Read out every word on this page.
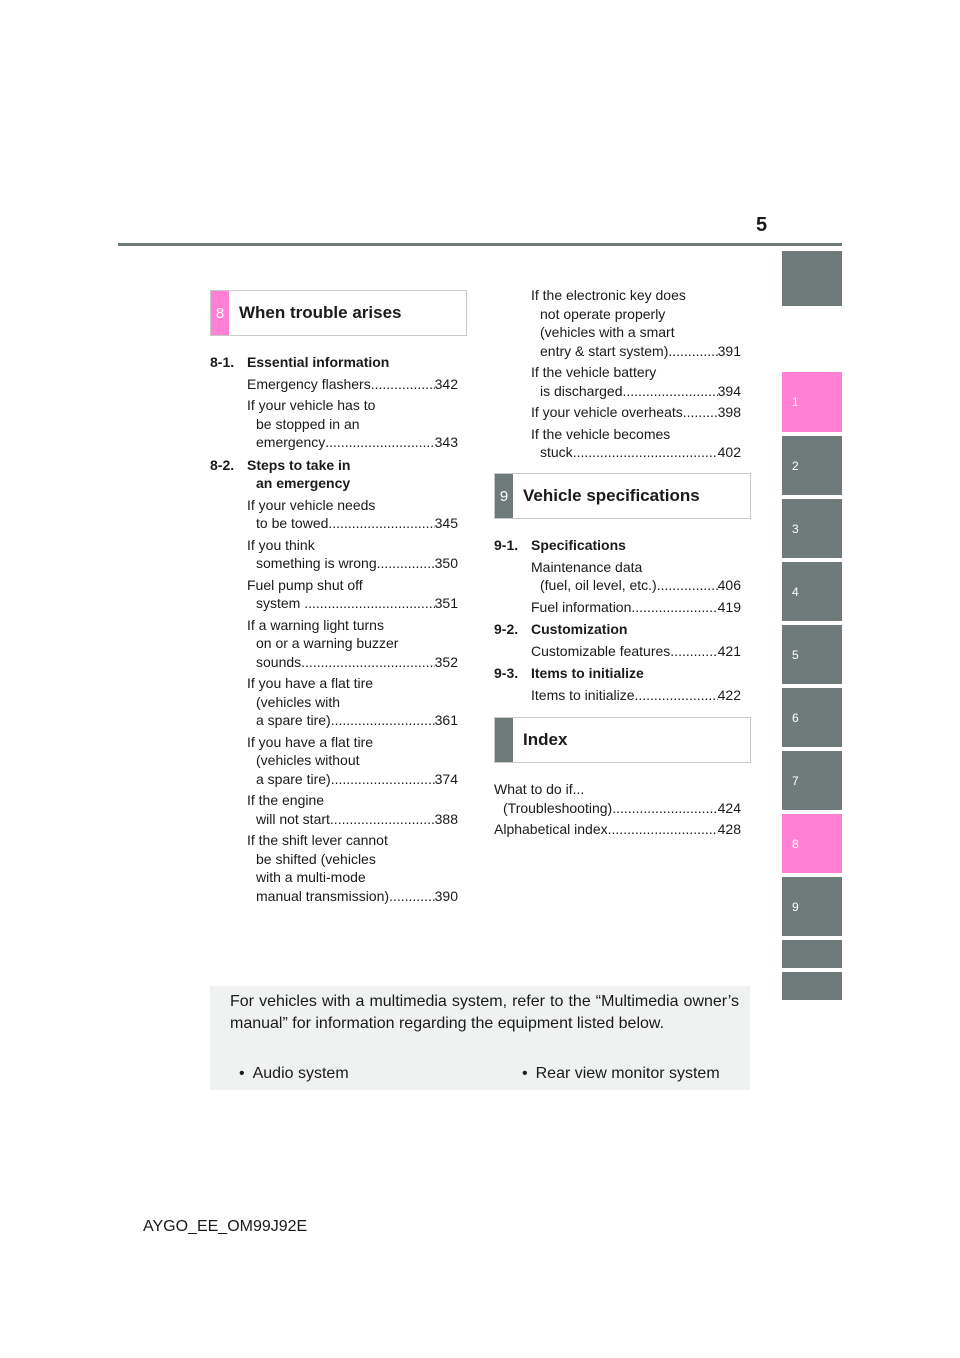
5
1
2
3
4
5
6
7
8
9
8 When trouble arises
8-1. Essential information
Emergency flashers .....	342
If your vehicle has to
be stopped in an
emergency .....	343
8-2. Steps to take in
an emergency
If your vehicle needs
to be towed .....	345
If you think
something is wrong .....	350
Fuel pump shut off
system .....	351
If a warning light turns
on or a warning buzzer
sounds .....	352
If you have a flat tire
(vehicles with
a spare tire) .....	361
If you have a flat tire
(vehicles without
a spare tire) .....	374
If the engine
will not start .....	388
If the shift lever cannot
be shifted (vehicles
with a multi-mode
manual transmission) .....	390
If the electronic key does
not operate properly
(vehicles with a smart
entry & start system) .....	391
If the vehicle battery
is discharged .....	394
If your vehicle overheats ..... 398
If the vehicle becomes
stuck .....	402
9 Vehicle specifications
9-1. Specifications
Maintenance data
(fuel, oil level, etc.) .....	406
Fuel information .....	419
9-2. Customization
Customizable features .....	421
9-3. Items to initialize
Items to initialize .....	422
Index
What to do if...
(Troubleshooting) .....	424
Alphabetical index .....	428
For vehicles with a multimedia system, refer to the “Multimedia owner’s manual” for information regarding the equipment listed below.
• Audio system	• Rear view monitor system
AYGO_EE_OM99J92E
